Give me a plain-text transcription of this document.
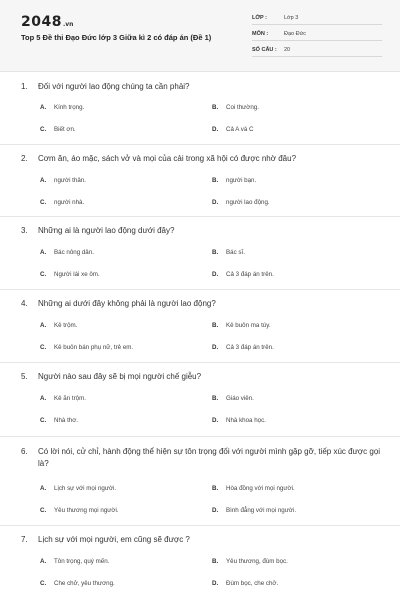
2048.vn
Top 5 Đề thi Đạo Đức lớp 3 Giữa kì 2 có đáp án (Đề 1)
LỚP :	Lớp 3
MÔN :	Đạo Đức
SỐ CÂU :	20
1. Đối với người lao động chúng ta cần phải?
A. Kính trọng.	B. Coi thường.
C. Biết ơn.	D. Cả A và C
2. Cơm ăn, áo mặc, sách vở và mọi của cải trong xã hội có được nhờ đâu?
A. người thân.	B. người bạn.
C. người nhà.	D. người lao động.
3. Những ai là người lao động dưới đây?
A. Bác nông dân.	B. Bác sĩ.
C. Người lái xe ôm.	D. Cả 3 đáp án trên.
4. Những ai dưới đây không phải là người lao động?
A. Kẻ trộm.	B. Kẻ buôn ma túy.
C. Kẻ buôn bán phụ nữ, trẻ em.	D. Cả 3 đáp án trên.
5. Người nào sau đây sẽ bị mọi người chế giễu?
A. Kẻ ăn trộm.	B. Giáo viên.
C. Nhà thơ.	D. Nhà khoa học.
6.	Có lời nói, cử chỉ, hành động thể hiện sự tôn trọng đối với người mình gặp gỡ, tiếp xúc được gọi là?
A. Lịch sự với mọi người.	B. Hòa đồng với mọi người.
C. Yêu thương mọi người.	D. Bình đẳng với mọi người.
7. Lịch sự với mọi người, em cũng sẽ được ?
A. Tôn trọng, quý mến.	B. Yêu thương, đùm bọc.
C. Che chở, yêu thương.	D. Đùm bọc, che chở.
